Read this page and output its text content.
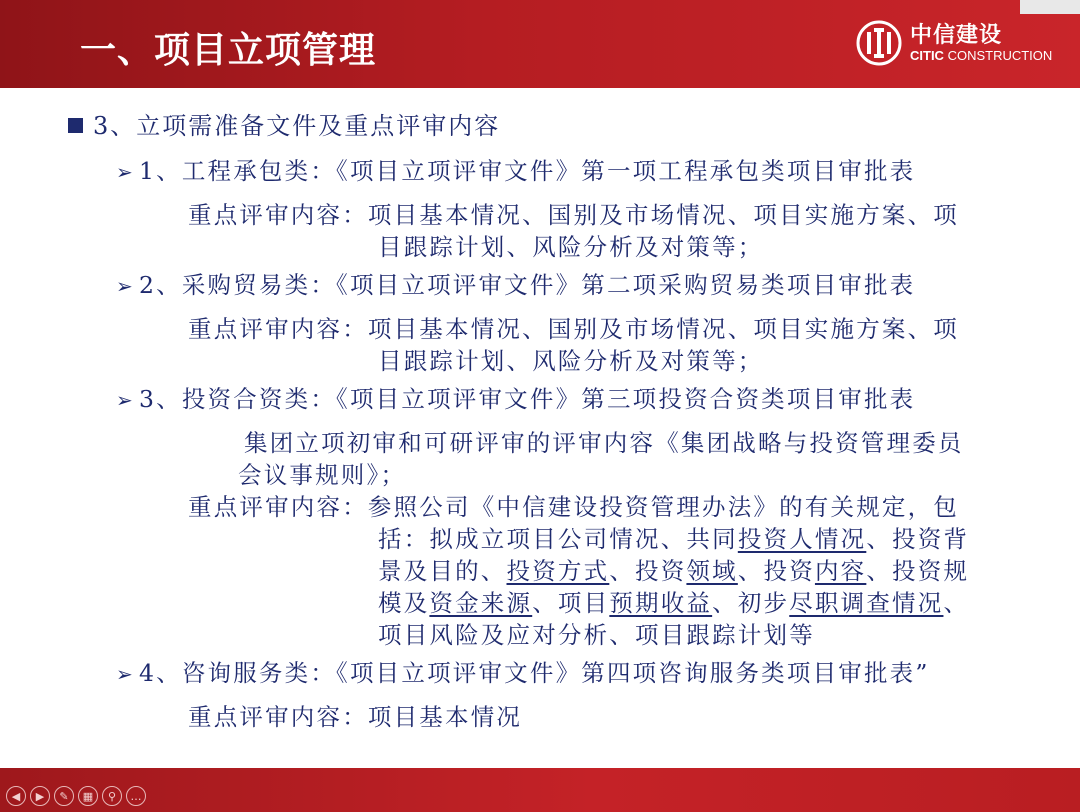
一、项目立项管理	中信建设
CITIC CONSTRUCTION
3、立项需准备文件及重点评审内容
➢ 1、工程承包类：《项目立项评审文件》第一项工程承包类项目审批表
重点评审内容：项目基本情况、国别及市场情况、项目实施方案、项
目跟踪计划、风险分析及对策等；
➢ 2、采购贸易类：《项目立项评审文件》第二项采购贸易类项目审批表
重点评审内容：项目基本情况、国别及市场情况、项目实施方案、项
目跟踪计划、风险分析及对策等；
➢ 3、投资合资类：《项目立项评审文件》第三项投资合资类项目审批表
集团立项初审和可研评审的评审内容《集团战略与投资管理委员
会议事规则》；
重点评审内容：参照公司《中信建设投资管理办法》的有关规定，包
括：拟成立项目公司情况、共同投资人情况、投资背
景及目的、投资方式、投资领域、投资内容、投资规
模及资金来源、项目预期收益、初步尽职调查情况、
项目风险及应对分析、项目跟踪计划等
➢ 4、咨询服务类：《项目立项评审文件》第四项咨询服务类项目审批表”
重点评审内容：项目基本情况
◀	▶	✎	▦	⚲	…
